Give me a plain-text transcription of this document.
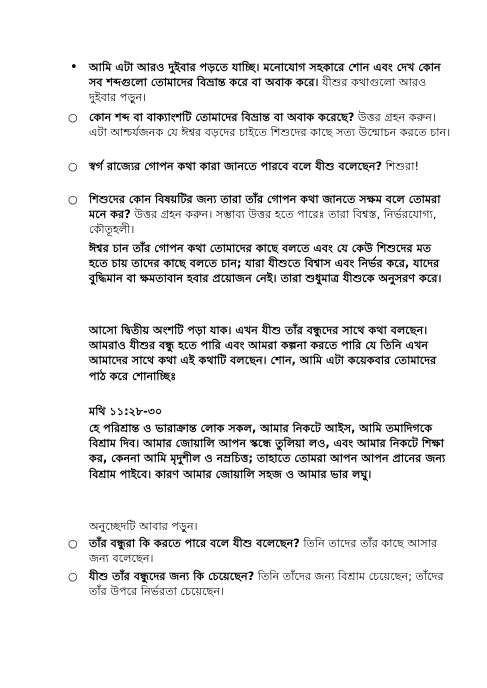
• আমি এটা আরও দুইবার পড়তে যাচ্ছি। মনোযোগ সহকারে শোন এবং দেখ কোন সব শব্দগুলো তোমাদের বিভ্রান্ত করে বা অবাক করে। যীশুর কথাগুলো আরও দুইবার পড়ুন।
○ কোন শব্দ বা বাক্যাংশটি তোমাদের বিভ্রান্ত বা অবাক করেছে? উত্তর গ্রহন করুন। এটা আশ্চর্যজনক যে ঈশ্বর বড়দের চাইতে শিশুদের কাছে সত্য উন্মোচন করতে চান।
○ স্বর্গ রাজ্যের গোপন কথা কারা জানতে পারবে বলে যীশু বলেছেন? শিশুরা!
○ শিশুদের কোন বিষয়টির জন্য তারা তাঁর গোপন কথা জানতে সক্ষম বলে তোমরা মনে কর? উত্তর গ্রহন করুন। সম্ভাব্য উত্তর হতে পারেঃ তারা বিশ্বস্ত, নির্ভরযোগ্য, কৌতূহলী।
ঈশ্বর চান তাঁর গোপন কথা তোমাদের কাছে বলতে এবং যে কেউ শিশুদের মত হতে চায় তাদের কাছে বলতে চান; যারা যীশুতে বিশ্বাস এবং নির্ভর করে, যাদের বুদ্ধিমান বা ক্ষমতাবান হবার প্রয়োজন নেই। তারা শুধুমাত্র যীশুকে অনুসরণ করে।

আসো দ্বিতীয় অংশটি পড়া যাক। এখন যীশু তাঁর বন্ধুদের সাথে কথা বলছেন। আমরাও যীশুর বন্ধু হতে পারি এবং আমরা কল্পনা করতে পারি যে তিনি এখন আমাদের সাথে কথা এই কথাটি বলছেন। শোন, আমি এটা কয়েকবার তোমাদের পাঠ করে শোনাচ্ছিঃ

মথি ১১:২৮-৩০

হে পরিশ্রান্ত ও ভারাক্রান্ত লোক সকল, আমার নিকটে আইস, আমি তমাদিগকে বিশ্রাম দিব। আমার জোয়ালি আপন স্কন্ধে তুলিয়া লও, এবং আমার নিকটে শিক্ষা কর, কেননা আমি মৃদুশীল ও নম্রচিত্ত; তাহাতে তোমরা আপন আপন প্রানের জন্য বিশ্রাম পাইবে। কারণ আমার জোয়ালি সহজ ও আমার ভার লঘু।

অনুচ্ছেদটি আবার পড়ুন।

○ তাঁর বন্ধুরা কি করতে পারে বলে যীশু বলেছেন? তিনি তাদের তাঁর কাছে আসার জন্য বলেছেন।
○ যীশু তাঁর বন্ধুদের জন্য কি চেয়েছেন? তিনি তাঁদের জন্য বিশ্রাম চেয়েছেন; তাঁদের তাঁর উপরে নির্ভরতা চেয়েছেন।
